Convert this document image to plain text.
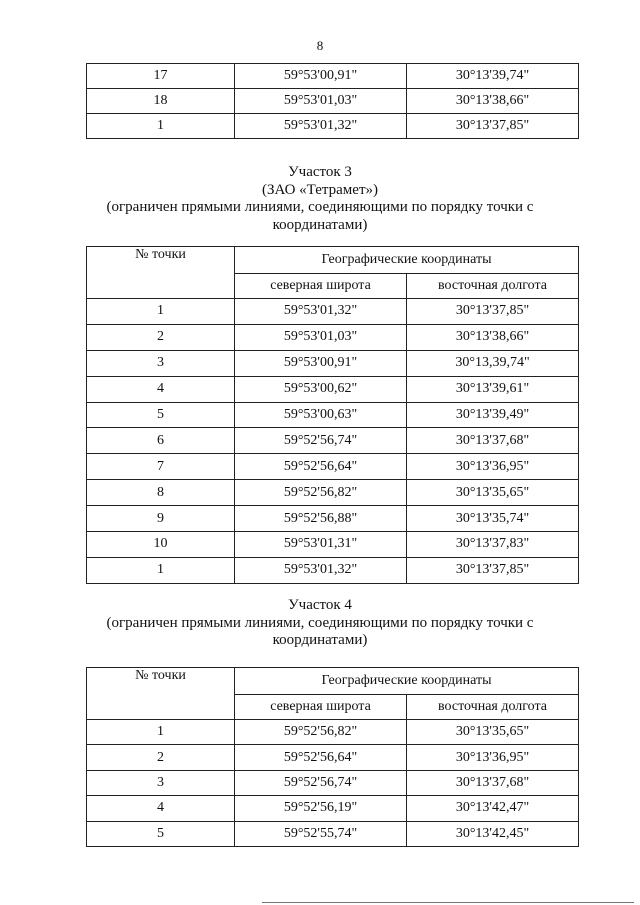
8
17	59°53'00,91"	30°13'39,74"
18	59°53'01,03"	30°13'38,66"
1	59°53'01,32"	30°13'37,85"
Участок 3
(ЗАО «Тетрамет»)
(ограничен прямыми линиями, соединяющими по порядку точки с
координатами)
№ точки	Географические координаты	
	северная широта	восточная долгота
1	59°53'01,32"	30°13'37,85"
2	59°53'01,03"	30°13'38,66"
3	59°53'00,91"	30°13,39,74"
4	59°53'00,62"	30°13'39,61"
5	59°53'00,63"	30°13'39,49"
6	59°52'56,74"	30°13'37,68"
7	59°52'56,64"	30°13'36,95"
8	59°52'56,82"	30°13'35,65"
9	59°52'56,88"	30°13'35,74"
10	59°53'01,31"	30°13'37,83"
1	59°53'01,32"	30°13'37,85"
Участок 4
(ограничен прямыми линиями, соединяющими по порядку точки с
координатами)
№ точки	Географические координаты	
	северная широта	восточная долгота
1	59°52'56,82"	30°13'35,65"
2	59°52'56,64"	30°13'36,95"
3	59°52'56,74"	30°13'37,68"
4	59°52'56,19"	30°13'42,47"
5	59°52'55,74"	30°13'42,45"
